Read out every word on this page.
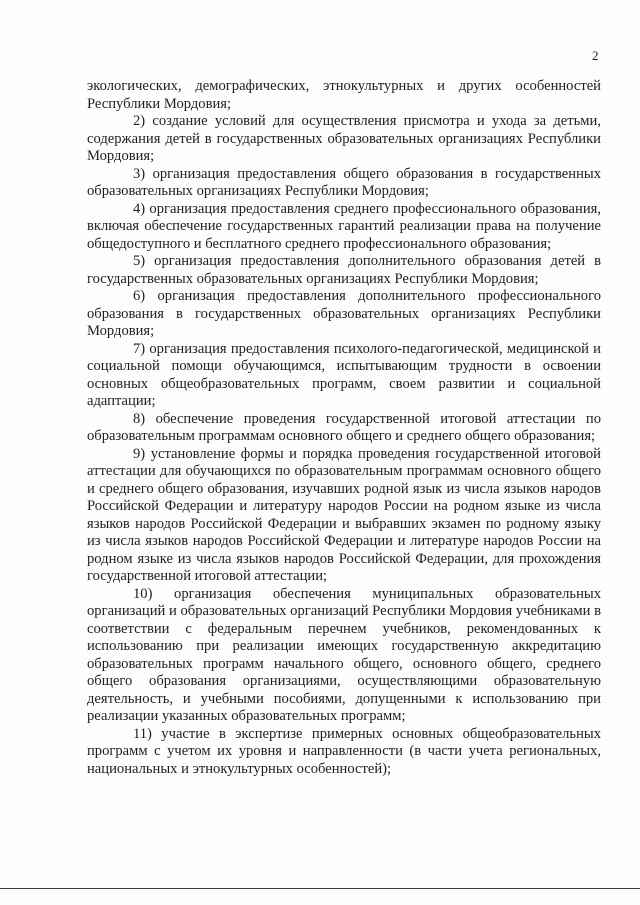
2

экологических, демографических, этнокультурных и других особенностей Республики Мордовия;

2) создание условий для осуществления присмотра и ухода за детьми, содержания детей в государственных образовательных организациях Республики Мордовия;

3) организация предоставления общего образования в государственных образовательных организациях Республики Мордовия;

4) организация предоставления среднего профессионального образования, включая обеспечение государственных гарантий реализации права на получение общедоступного и бесплатного среднего профессионального образования;

5) организация предоставления дополнительного образования детей в государственных образовательных организациях Республики Мордовия;

6) организация предоставления дополнительного профессионального образования в государственных образовательных организациях Республики Мордовия;

7) организация предоставления психолого-педагогической, медицинской и социальной помощи обучающимся, испытывающим трудности в освоении основных общеобразовательных программ, своем развитии и социальной адаптации;

8) обеспечение проведения государственной итоговой аттестации по образовательным программам основного общего и среднего общего образования;

9) установление формы и порядка проведения государственной итоговой аттестации для обучающихся по образовательным программам основного общего и среднего общего образования, изучавших родной язык из числа языков народов Российской Федерации и литературу народов России на родном языке из числа языков народов Российской Федерации и выбравших экзамен по родному языку из числа языков народов Российской Федерации и литературе народов России на родном языке из числа языков народов Российской Федерации, для прохождения государственной итоговой аттестации;

10) организация обеспечения муниципальных образовательных организаций и образовательных организаций Республики Мордовия учебниками в соответствии с федеральным перечнем учебников, рекомендованных к использованию при реализации имеющих государственную аккредитацию образовательных программ начального общего, основного общего, среднего общего образования организациями, осуществляющими образовательную деятельность, и учебными пособиями, допущенными к использованию при реализации указанных образовательных программ;

11) участие в экспертизе примерных основных общеобразовательных программ с учетом их уровня и направленности (в части учета региональных, национальных и этнокультурных особенностей);
